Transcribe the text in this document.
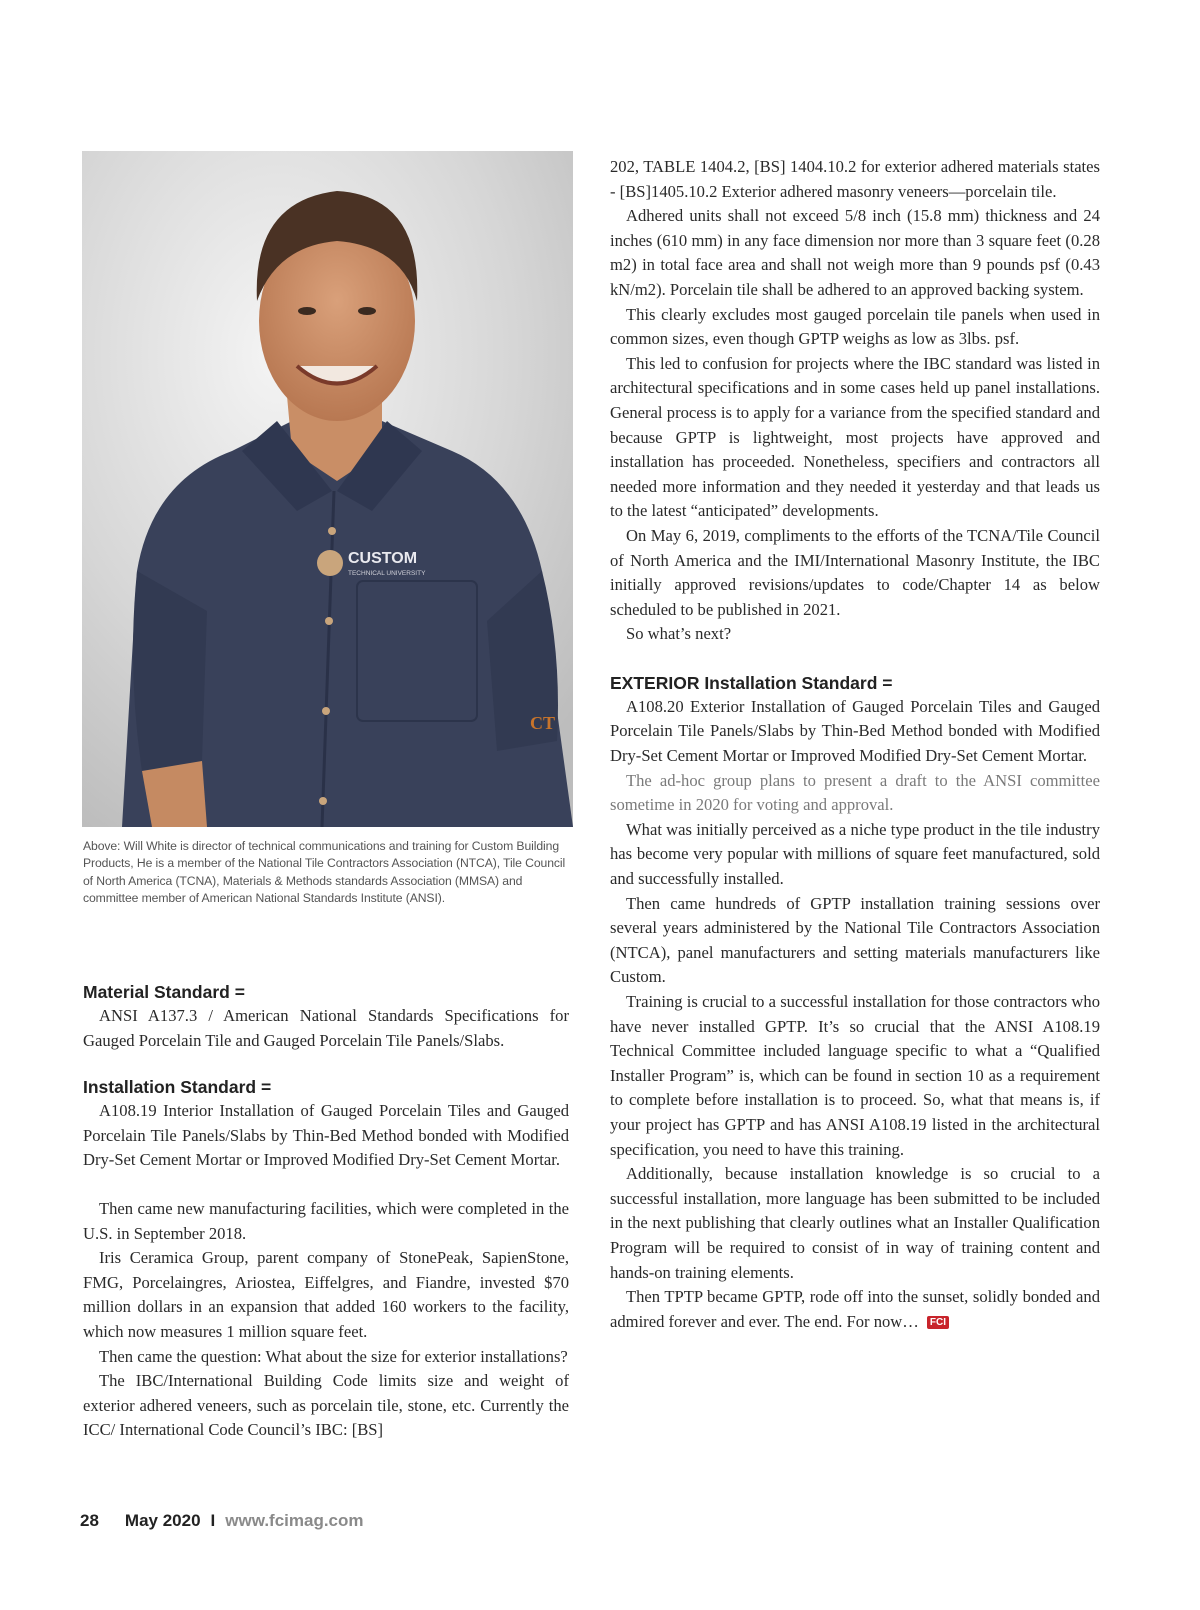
CUSTOM
TECHNICAL UNIVERSITY
CT
Above: Will White is director of technical communications and training for Custom Building Products, He is a member of the National Tile Contractors Association (NTCA), Tile Council of North America (TCNA), Materials & Methods standards Association (MMSA) and committee member of American National Standards Institute (ANSI).
Material Standard =

ANSI A137.3 / American National Standards Specifications for Gauged Porcelain Tile and Gauged Porcelain Tile Panels/Slabs.

Installation Standard =

A108.19 Interior Installation of Gauged Porcelain Tiles and Gauged Porcelain Tile Panels/Slabs by Thin-Bed Method bonded with Modified Dry-Set Cement Mortar or Improved Modified Dry-Set Cement Mortar.

Then came new manufacturing facilities, which were completed in the U.S. in September 2018.

Iris Ceramica Group, parent company of StonePeak, SapienStone, FMG, Porcelaingres, Ariostea, Eiffelgres, and Fiandre, invested $70 million dollars in an expansion that added 160 workers to the facility, which now measures 1 million square feet.

Then came the question: What about the size for exterior installations?

The IBC/International Building Code limits size and weight of exterior adhered veneers, such as porcelain tile, stone, etc. Currently the ICC/ International Code Council’s IBC: [BS]

202, TABLE 1404.2, [BS] 1404.10.2 for exterior adhered materials states - [BS]1405.10.2 Exterior adhered masonry veneers—porcelain tile.

Adhered units shall not exceed 5/8 inch (15.8 mm) thickness and 24 inches (610 mm) in any face dimension nor more than 3 square feet (0.28 m2) in total face area and shall not weigh more than 9 pounds psf (0.43 kN/m2). Porcelain tile shall be adhered to an approved backing system.

This clearly excludes most gauged porcelain tile panels when used in common sizes, even though GPTP weighs as low as 3lbs. psf.

This led to confusion for projects where the IBC standard was listed in architectural specifications and in some cases held up panel installations. General process is to apply for a variance from the specified standard and because GPTP is lightweight, most projects have approved and installation has proceeded. Nonetheless, specifiers and contractors all needed more information and they needed it yesterday and that leads us to the latest “anticipated” developments.

On May 6, 2019, compliments to the efforts of the TCNA/Tile Council of North America and the IMI/International Masonry Institute, the IBC initially approved revisions/updates to code/Chapter 14 as below scheduled to be published in 2021.

So what’s next?

EXTERIOR Installation Standard =

A108.20 Exterior Installation of Gauged Porcelain Tiles and Gauged Porcelain Tile Panels/Slabs by Thin-Bed Method bonded with Modified Dry-Set Cement Mortar or Improved Modified Dry-Set Cement Mortar.

The ad-hoc group plans to present a draft to the ANSI committee sometime in 2020 for voting and approval.

What was initially perceived as a niche type product in the tile industry has become very popular with millions of square feet manufactured, sold and successfully installed.

Then came hundreds of GPTP installation training sessions over several years administered by the National Tile Contractors Association (NTCA), panel manufacturers and setting materials manufacturers like Custom.

Training is crucial to a successful installation for those contractors who have never installed GPTP. It’s so crucial that the ANSI A108.19 Technical Committee included language specific to what a “Qualified Installer Program” is, which can be found in section 10 as a requirement to complete before installation is to proceed. So, what that means is, if your project has GPTP and has ANSI A108.19 listed in the architectural specification, you need to have this training.

Additionally, because installation knowledge is so crucial to a successful installation, more language has been submitted to be included in the next publishing that clearly outlines what an Installer Qualification Program will be required to consist of in way of training content and hands-on training elements.

Then TPTP became GPTP, rode off into the sunset, solidly bonded and admired forever and ever. The end. For now… FCI

28 May 2020 I www.fcimag.com
